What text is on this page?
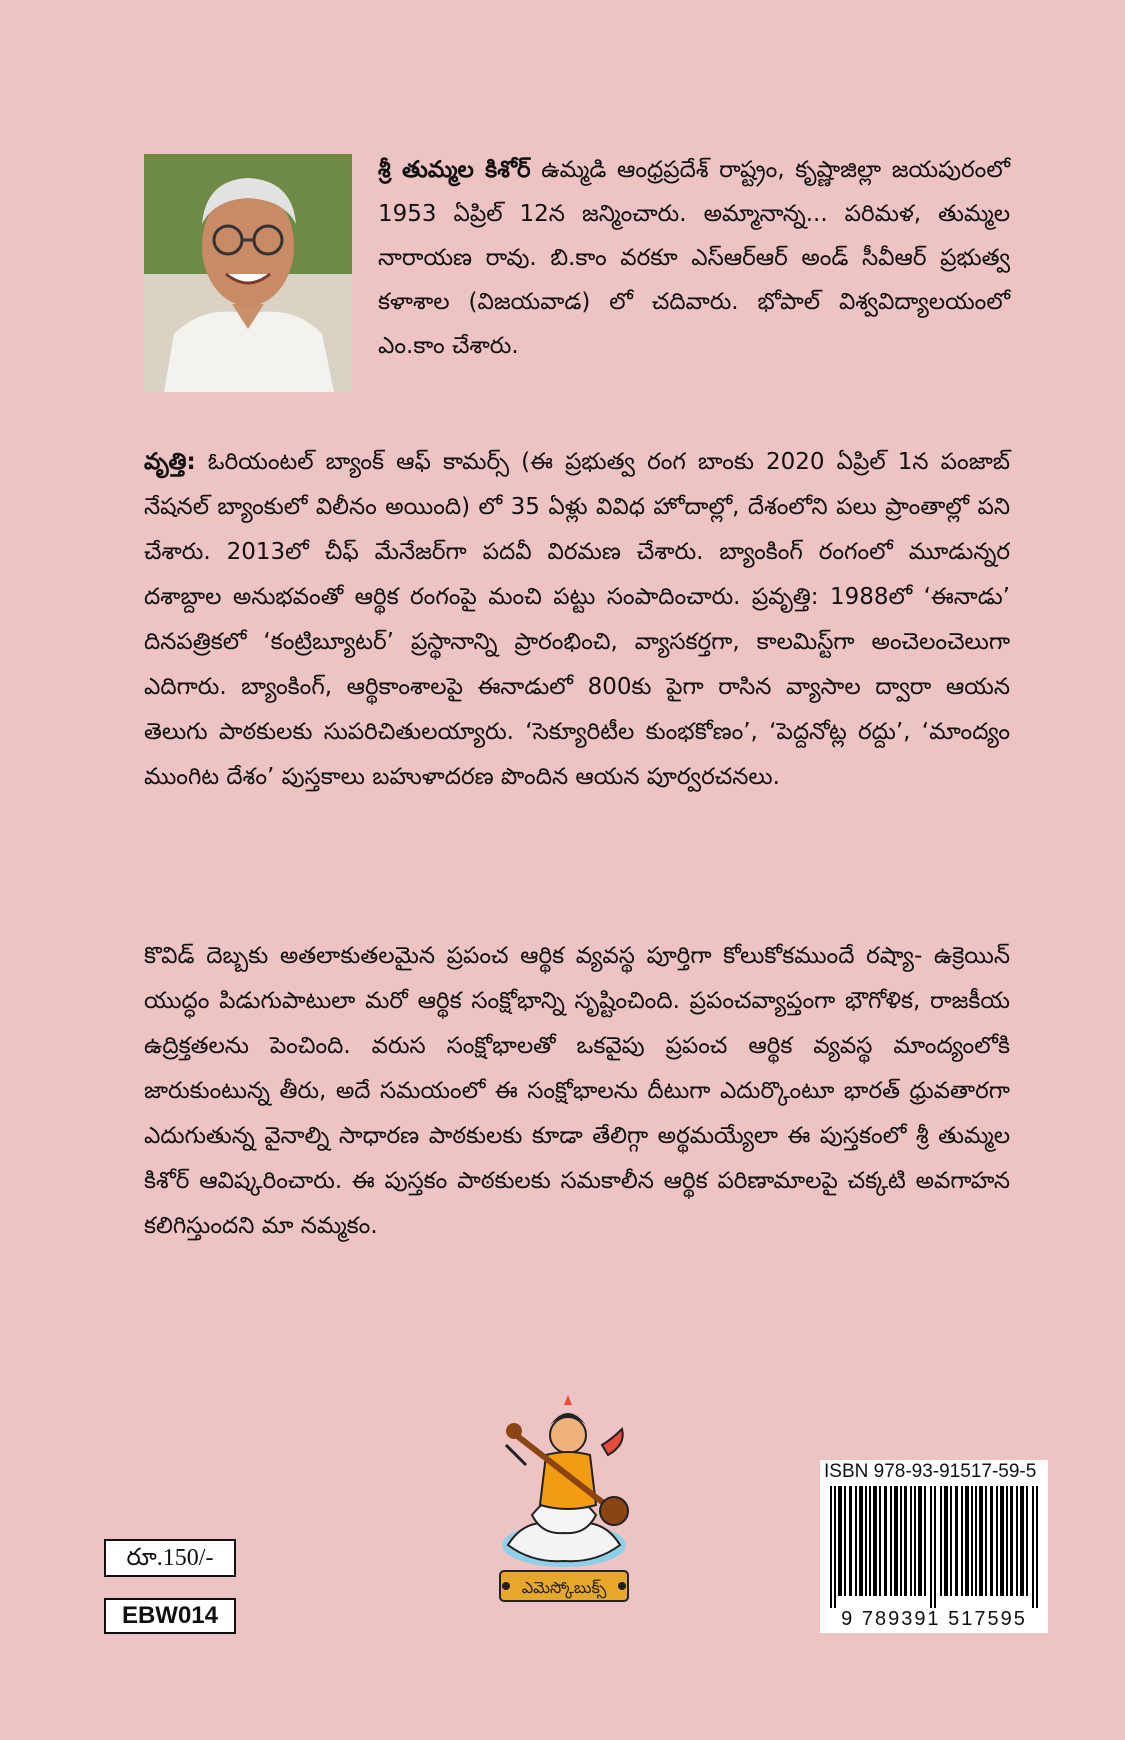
శ్రీ తుమ్మల కిశోర్ ఉమ్మడి ఆంధ్రప్రదేశ్ రాష్ట్రం, కృష్ణాజిల్లా జయపురంలో 1953 ఏప్రిల్ 12న జన్మించారు. అమ్మానాన్న... పరిమళ, తుమ్మల నారాయణ రావు. బి.కాం వరకూ ఎస్‌ఆర్‌ఆర్ అండ్ సీవీఆర్ ప్రభుత్వ కళాశాల (విజయవాడ) లో చదివారు. భోపాల్ విశ్వవిద్యాలయంలో ఎం.కాం చేశారు.
వృత్తి: ఓరియంటల్ బ్యాంక్ ఆఫ్ కామర్స్ (ఈ ప్రభుత్వ రంగ బాంకు 2020 ఏప్రిల్ 1న పంజాబ్ నేషనల్ బ్యాంకులో విలీనం అయింది) లో 35 ఏళ్లు వివిధ హోదాల్లో, దేశంలోని పలు ప్రాంతాల్లో పని చేశారు. 2013లో చీఫ్ మేనేజర్‌గా పదవీ విరమణ చేశారు. బ్యాంకింగ్ రంగంలో మూడున్నర దశాబ్దాల అనుభవంతో ఆర్థిక రంగంపై మంచి పట్టు సంపాదించారు. ప్రవృత్తి: 1988లో ‘ఈనాడు’ దినపత్రికలో ‘కంట్రిబ్యూటర్’ ప్రస్థానాన్ని ప్రారంభించి, వ్యాసకర్తగా, కాలమిస్ట్‌గా అంచెలంచెలుగా ఎదిగారు. బ్యాంకింగ్, ఆర్థికాంశాలపై ఈనాడులో 800కు పైగా రాసిన వ్యాసాల ద్వారా ఆయన తెలుగు పాఠకులకు సుపరిచితులయ్యారు. ‘సెక్యూరిటీల కుంభకోణం’, ‘పెద్దనోట్ల రద్దు’, ‘మాంద్యం ముంగిట దేశం’ పుస్తకాలు బహుళాదరణ పొందిన ఆయన పూర్వరచనలు.
కొవిడ్ దెబ్బకు అతలాకుతలమైన ప్రపంచ ఆర్థిక వ్యవస్థ పూర్తిగా కోలుకోకముందే రష్యా- ఉక్రెయిన్ యుద్ధం పిడుగుపాటులా మరో ఆర్థిక సంక్షోభాన్ని సృష్టించింది. ప్రపంచవ్యాప్తంగా భౌగోళిక, రాజకీయ ఉద్రిక్తతలను పెంచింది. వరుస సంక్షోభాలతో ఒకవైపు ప్రపంచ ఆర్థిక వ్యవస్థ మాంద్యంలోకి జారుకుంటున్న తీరు, అదే సమయంలో ఈ సంక్షోభాలను దీటుగా ఎదుర్కొంటూ భారత్ ధ్రువతారగా ఎదుగుతున్న వైనాల్ని సాధారణ పాఠకులకు కూడా తేలిగ్గా అర్థమయ్యేలా ఈ పుస్తకంలో శ్రీ తుమ్మల కిశోర్ ఆవిష్కరించారు. ఈ పుస్తకం పాఠకులకు సమకాలీన ఆర్థిక పరిణామాలపై చక్కటి అవగాహన కలిగిస్తుందని మా నమ్మకం.
ఎమెస్కోబుక్స్
రూ.150/-
EBW014
ISBN 978-93-91517-59-5
9 789391 517595
